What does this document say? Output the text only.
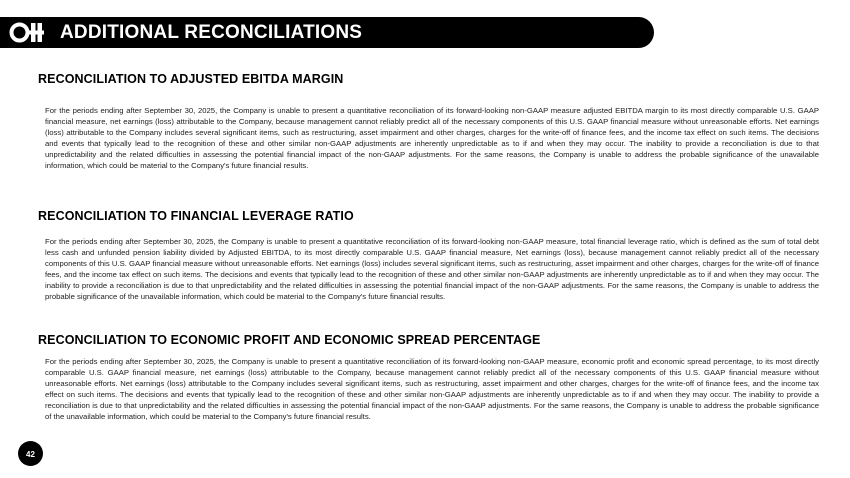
ADDITIONAL RECONCILIATIONS
RECONCILIATION TO ADJUSTED EBITDA MARGIN

For the periods ending after September 30, 2025, the Company is unable to present a quantitative reconciliation of its forward-looking non-GAAP measure adjusted EBITDA margin to its most directly comparable U.S. GAAP financial measure, net earnings (loss) attributable to the Company, because management cannot reliably predict all of the necessary components of this U.S. GAAP financial measure without unreasonable efforts. Net earnings (loss) attributable to the Company includes several significant items, such as restructuring, asset impairment and other charges, charges for the write-off of finance fees, and the income tax effect on such items. The decisions and events that typically lead to the recognition of these and other similar non-GAAP adjustments are inherently unpredictable as to if and when they may occur. The inability to provide a reconciliation is due to that unpredictability and the related difficulties in assessing the potential financial impact of the non-GAAP adjustments. For the same reasons, the Company is unable to address the probable significance of the unavailable information, which could be material to the Company's future financial results.

RECONCILIATION TO FINANCIAL LEVERAGE RATIO

For the periods ending after September 30, 2025, the Company is unable to present a quantitative reconciliation of its forward-looking non-GAAP measure, total financial leverage ratio, which is defined as the sum of total debt less cash and unfunded pension liability divided by Adjusted EBITDA, to its most directly comparable U.S. GAAP financial measure, Net earnings (loss), because management cannot reliably predict all of the necessary components of this U.S. GAAP financial measure without unreasonable efforts. Net earnings (loss) includes several significant items, such as restructuring, asset impairment and other charges, charges for the write-off of finance fees, and the income tax effect on such items. The decisions and events that typically lead to the recognition of these and other similar non-GAAP adjustments are inherently unpredictable as to if and when they may occur. The inability to provide a reconciliation is due to that unpredictability and the related difficulties in assessing the potential financial impact of the non-GAAP adjustments. For the same reasons, the Company is unable to address the probable significance of the unavailable information, which could be material to the Company's future financial results.

RECONCILIATION TO ECONOMIC PROFIT AND ECONOMIC SPREAD PERCENTAGE

For the periods ending after September 30, 2025, the Company is unable to present a quantitative reconciliation of its forward-looking non-GAAP measure, economic profit and economic spread percentage, to its most directly comparable U.S. GAAP financial measure, net earnings (loss) attributable to the Company, because management cannot reliably predict all of the necessary components of this U.S. GAAP financial measure without unreasonable efforts. Net earnings (loss) attributable to the Company includes several significant items, such as restructuring, asset impairment and other charges, charges for the write-off of finance fees, and the income tax effect on such items. The decisions and events that typically lead to the recognition of these and other similar non-GAAP adjustments are inherently unpredictable as to if and when they may occur. The inability to provide a reconciliation is due to that unpredictability and the related difficulties in assessing the potential financial impact of the non-GAAP adjustments. For the same reasons, the Company is unable to address the probable significance of the unavailable information, which could be material to the Company's future financial results.

42
